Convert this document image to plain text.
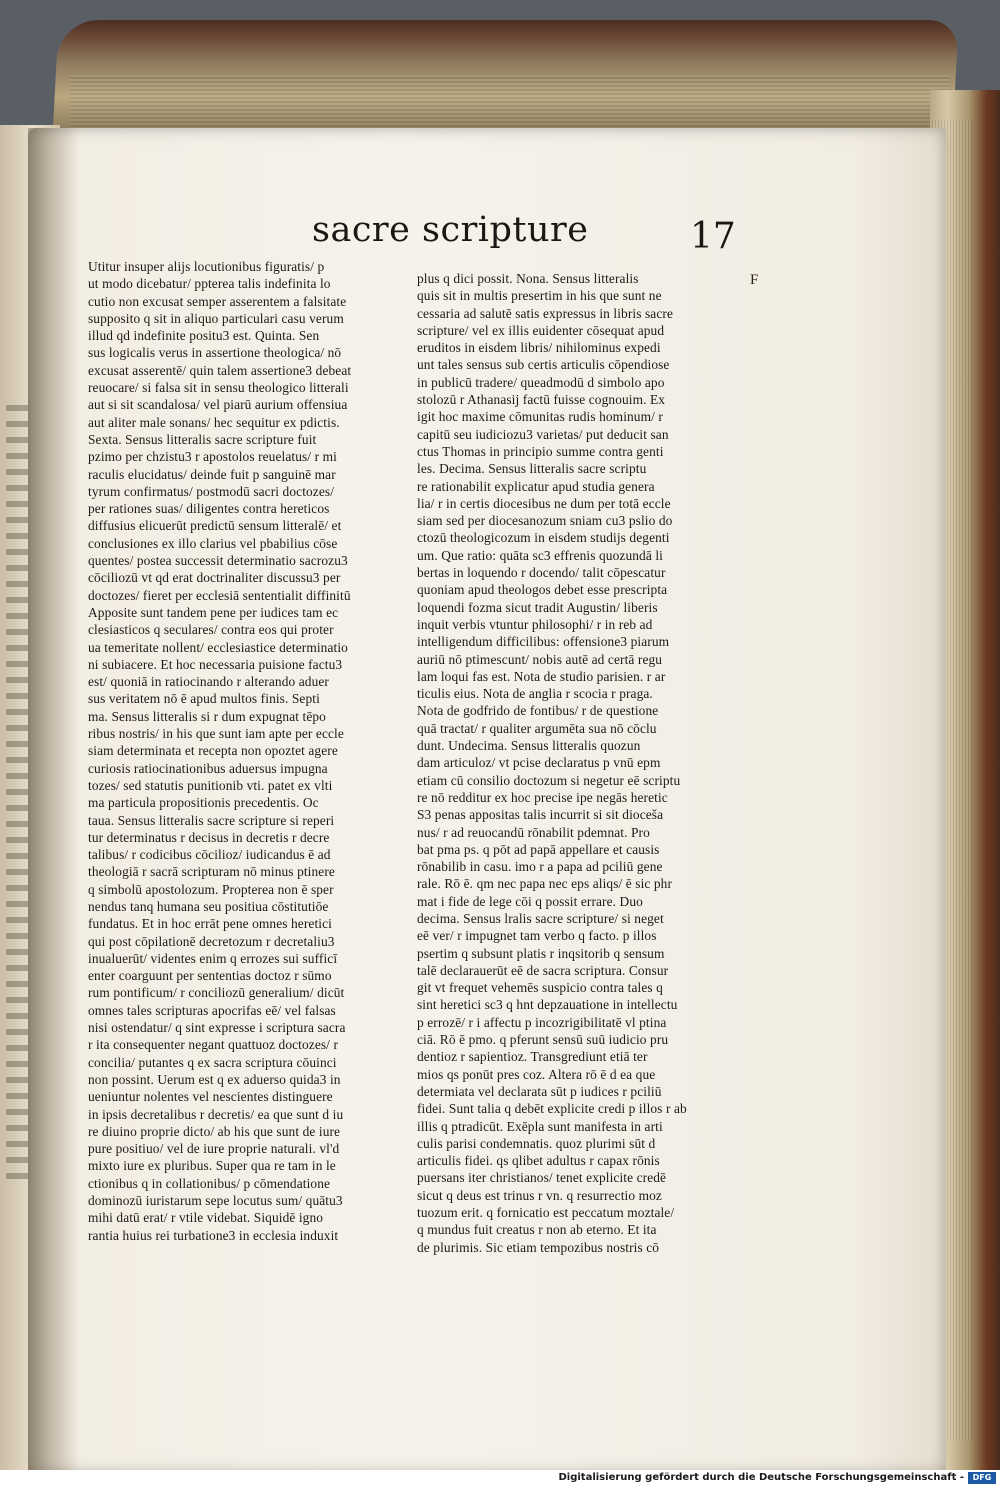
sacre scripture	17
F
Utitur insuper alijs locutionibus figuratis/ p
ut modo dicebatur/ ppterea talis indefinita lo
cutio non excusat semper asserentem a falsitate
supposito q sit in aliquo particulari casu verum
illud qd indefinite positu3 est. Quinta. Sen
sus logicalis verus in assertione theologica/ nō
excusat asserentē/ quin talem assertione3 debeat
reuocare/ si falsa sit in sensu theologico litterali
aut si sit scandalosa/ vel piarū aurium offensiua
aut aliter male sonans/ hec sequitur ex pdictis.
Sexta. Sensus litteralis sacre scripture fuit
pzimo per chzistu3 r apostolos reuelatus/ r mi
raculis elucidatus/ deinde fuit p sanguinē mar
tyrum confirmatus/ postmodū sacri doctozes/
per rationes suas/ diligentes contra hereticos
diffusius elicuerūt predictū sensum litteralē/ et
conclusiones ex illo clarius vel pbabilius cōse
quentes/ postea successit determinatio sacrozu3
cōciliozū vt qd erat doctrinaliter discussu3 per
doctozes/ fieret per ecclesiā sententialit diffinitū
Apposite sunt tandem pene per iudices tam ec
clesiasticos q seculares/ contra eos qui proter
ua temeritate nollent/ ecclesiastice determinatio
ni subiacere. Et hoc necessaria puisione factu3
est/ quoniā in ratiocinando r alterando aduer
sus veritatem nō ē apud multos finis. Septi
ma. Sensus litteralis si r dum expugnat tēpo
ribus nostris/ in his que sunt iam apte per eccle
siam determinata et recepta non opoztet agere
curiosis ratiocinationibus aduersus impugna
tozes/ sed statutis punitionib vti. patet ex vlti
ma particula propositionis precedentis. Oc
taua. Sensus litteralis sacre scripture si reperi
tur determinatus r decisus in decretis r decre
talibus/ r codicibus cōcilioz/ iudicandus ē ad
theologiā r sacrā scripturam nō minus ptinere
q simbolū apostolozum. Propterea non ē sper
nendus tanq humana seu positiua cōstitutiōe
fundatus. Et in hoc errāt pene omnes heretici
qui post cōpilationē decretozum r decretaliu3
inualuerūt/ videntes enim q errozes sui sufficī
enter coarguunt per sententias doctoz r sūmo
rum pontificum/ r conciliozū generalium/ dicūt
omnes tales scripturas apocrifas eē/ vel falsas
nisi ostendatur/ q sint expresse i scriptura sacra
r ita consequenter negant quattuoz doctozes/ r
concilia/ putantes q ex sacra scriptura cōuinci
non possint. Uerum est q ex aduerso quida3 in
ueniuntur nolentes vel nescientes distinguere
in ipsis decretalibus r decretis/ ea que sunt d iu
re diuino proprie dicto/ ab his que sunt de iure
pure positiuo/ vel de iure proprie naturali. vl'd
mixto iure ex pluribus. Super qua re tam in le
ctionibus q in collationibus/ p cōmendatione
dominozū iuristarum sepe locutus sum/ quātu3
mihi datū erat/ r vtile videbat. Siquidē igno
rantia huius rei turbatione3 in ecclesia induxit
plus q dici possit. Nona. Sensus litteralis
quis sit in multis presertim in his que sunt ne
cessaria ad salutē satis expressus in libris sacre
scripture/ vel ex illis euidenter cōsequat apud
eruditos in eisdem libris/ nihilominus expedi
unt tales sensus sub certis articulis cōpendiose
in publicū tradere/ queadmodū d simbolo apo
stolozū r Athanasij factū fuisse cognouim. Ex
igit hoc maxime cōmunitas rudis hominum/ r
capitū seu iudiciozu3 varietas/ put deducit san
ctus Thomas in principio summe contra genti
les. Decima. Sensus litteralis sacre scriptu
re rationabilit explicatur apud studia genera
lia/ r in certis diocesibus ne dum per totā eccle
siam sed per diocesanozum sniam cu3 pslio do
ctozū theologicozum in eisdem studijs degenti
um. Que ratio: quāta sc3 effrenis quozundā li
bertas in loquendo r docendo/ talit cōpescatur
quoniam apud theologos debet esse prescripta
loquendi fozma sicut tradit Augustin/ liberis
inquit verbis vtuntur philosophi/ r in reb ad
intelligendum difficilibus: offensione3 piarum
auriū nō ptimescunt/ nobis autē ad certā regu
lam loqui fas est. Nota de studio parisien. r ar
ticulis eius. Nota de anglia r scocia r praga.
Nota de godfrido de fontibus/ r de questione
quā tractat/ r qualiter argumēta sua nō cōclu
dunt. Undecima. Sensus litteralis quozun
dam articuloz/ vt pcise declaratus p vnū epm
etiam cū consilio doctozum si negetur eē scriptu
re nō redditur ex hoc precise ipe negās heretic
S3 penas appositas talis incurrit si sit dioceša
nus/ r ad reuocandū rōnabilit pdemnat. Pro
bat pma ps. q pōt ad papā appellare et causis
rōnabilib in casu. imo r a papa ad pciliū gene
rale. Rō ē. qm nec papa nec eps aliqs/ ē sic phr
mat i fide de lege cōi q possit errare. Duo
decima. Sensus lralis sacre scripture/ si neget
eē ver/ r impugnet tam verbo q facto. p illos
psertim q subsunt platis r inqsitorib q sensum
talē declarauerūt eē de sacra scriptura. Consur
git vt frequet vehemēs suspicio contra tales q
sint heretici sc3 q hnt depzauatione in intellectu
p errozē/ r i affectu p incozrigibilitatē vl ptina
ciā. Rō ē pmo. q pferunt sensū suū iudicio pru
dentioz r sapientioz. Transgrediunt etiā ter
mios qs ponūt pres coz. Altera rō ē d ea que
determiata vel declarata sūt p iudices r pciliū
fidei. Sunt talia q debēt explicite credi p illos r ab
illis q ptradicūt. Exēpla sunt manifesta in arti
culis parisi condemnatis. quoz plurimi sūt d
articulis fidei. qs qlibet adultus r capax rōnis
puersans iter christianos/ tenet explicite credē
sicut q deus est trinus r vn. q resurrectio moz
tuozum erit. q fornicatio est peccatum moztale/
q mundus fuit creatus r non ab eterno. Et ita
de plurimis. Sic etiam tempozibus nostris cō
Digitalisierung gefördert durch die Deutsche Forschungsgemeinschaft -	DFG
